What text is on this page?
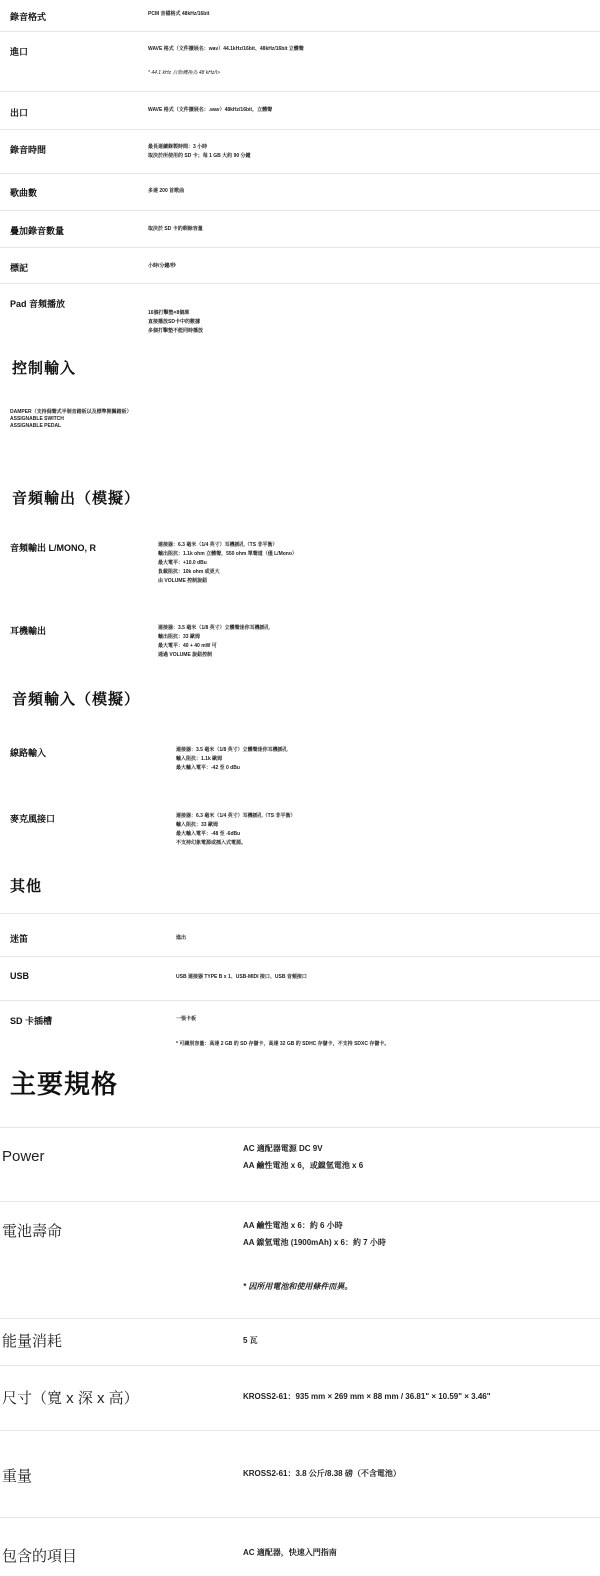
錄音格式	PCM 音檔格式 48kHz/16bit
進口	WAVE 格式（文件擴展名：wav）44.1kHz/16bit、48kHz/16bit 立體聲
* 44.1 kHz 自動轉換為 48 kHz/I>
出口	WAVE 格式（文件擴展名：.wav）48kHz/16bit，立體聲
錄音時間	最長連續錄製時間：3 小時
取決於所使用的 SD 卡；每 1 GB 大約 90 分鐘
歌曲數	多達 200 首歌曲
疊加錄音數量	取決於 SD 卡的剩餘容量
標記	小時/分鐘/秒
Pad 音頻播放
16個打擊墊×8個庫
直接播放SD卡中的數據
多個打擊墊不能同時播放
控制輸入
DAMPER（支持侷聲式半制音踏板以及標準開關踏板）
ASSIGNABLE SWITCH
ASSIGNABLE PEDAL
音頻輸出（模擬）
音頻輸出 L/MONO, R	連接器：6.3 毫米（1/4 英寸）耳機插孔（TS 非平衡）
輸出阻抗：1.1k ohm 立體聲，550 ohm 單聲道（僅 L/Mono）
最大電平：+10.0 dBu
負載阻抗：10k ohm 或更大
由 VOLUME 控制旋鈕
耳機輸出	連接器：3.5 毫米（1/8 英寸）立體聲迷你耳機插孔
輸出阻抗：33 歐姆
最大電平：40 + 40 mW 可
通過 VOLUME 旋鈕控制
音頻輸入（模擬）
線路輸入	連接器：3.5 毫米（1/8 英寸）立體聲迷你耳機插孔
輸入阻抗：1.1k 歐姆
最大輸入電平：-42 至 0 dBu
麥克風接口	連接器：6.3 毫米（1/4 英寸）耳機插孔（TS 非平衡）
輸入阻抗：33 歐姆
最大輸入電平：-48 至 -6dBu
不支持幻象電源或插入式電源。
其他
迷笛	進出
USB	USB 連接器 TYPE B x 1、USB-MIDI 接口、USB 音頻接口
SD 卡插槽	一張卡板
* 可識別容量：高達 2 GB 的 SD 存儲卡，高達 32 GB 的 SDHC 存儲卡，不支持 SDXC 存儲卡。
主要規格
Power	AC 適配器電源 DC 9V
AA 鹼性電池 x 6，或鎳氫電池 x 6
電池壽命	AA 鹼性電池 x 6：約 6 小時
AA 鎳氫電池 (1900mAh) x 6：約 7 小時
* 因所用電池和使用條件而異。
能量消耗	5 瓦
尺寸（寬 x 深 x 高）	KROSS2-61：935 mm × 269 mm × 88 mm / 36.81" × 10.59" × 3.46"
重量	KROSS2-61：3.8 公斤/8.38 磅（不含電池）
包含的項目	AC 適配器，快速入門指南
